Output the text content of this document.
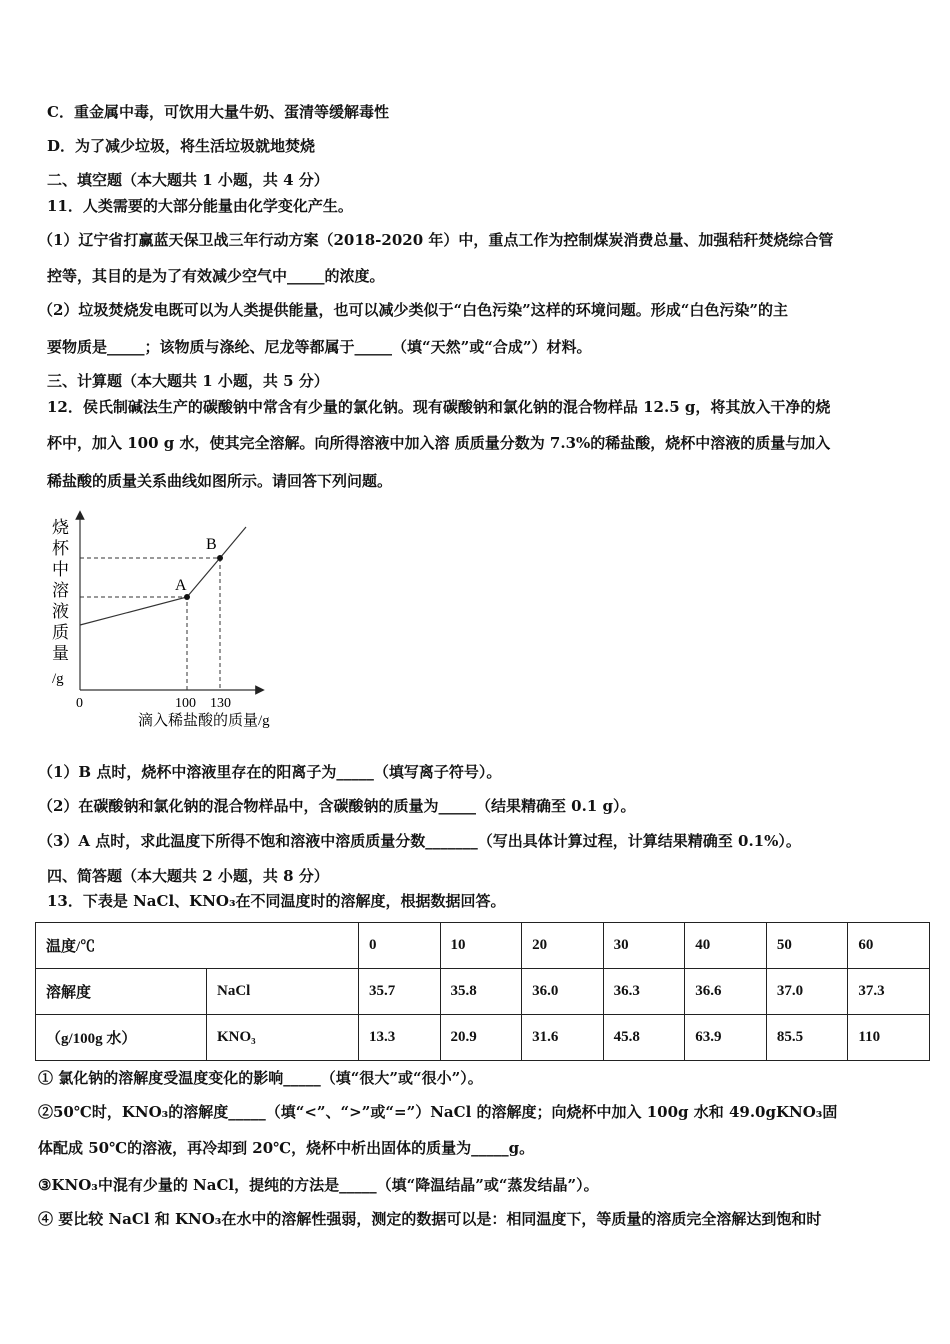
C．重金属中毒，可饮用大量牛奶、蛋清等缓解毒性
D．为了减少垃圾，将生活垃圾就地焚烧
二、填空题（本大题共 1 小题，共 4 分）
11．人类需要的大部分能量由化学变化产生。
（1）辽宁省打赢蓝天保卫战三年行动方案（2018-2020 年）中，重点工作为控制煤炭消费总量、加强秸秆焚烧综合管
控等，其目的是为了有效减少空气中_____的浓度。
（2）垃圾焚烧发电既可以为人类提供能量，也可以减少类似于“白色污染”这样的环境问题。形成“白色污染”的主
要物质是_____；该物质与涤纶、尼龙等都属于_____（填“天然”或“合成”）材料。
三、计算题（本大题共 1 小题，共 5 分）
12．侯氏制碱法生产的碳酸钠中常含有少量的氯化钠。现有碳酸钠和氯化钠的混合物样品 12.5 g，将其放入干净的烧
杯中，加入 100 g 水，使其完全溶解。向所得溶液中加入溶 质质量分数为 7.3%的稀盐酸，烧杯中溶液的质量与加入
稀盐酸的质量关系曲线如图所示。请回答下列问题。
A
B
烧
杯
中
溶
液
质
量
/g
0	100 130
滴入稀盐酸的质量/g
（1）B 点时，烧杯中溶液里存在的阳离子为_____（填写离子符号）。
（2）在碳酸钠和氯化钠的混合物样品中，含碳酸钠的质量为_____（结果精确至 0.1 g）。
（3）A 点时，求此温度下所得不饱和溶液中溶质质量分数_______（写出具体计算过程，计算结果精确至 0.1%）。
四、简答题（本大题共 2 小题，共 8 分）
13．下表是 NaCl、KNO₃在不同温度时的溶解度，根据数据回答。
温度/℃		0	10	20	30	40	50	60
溶解度	NaCl	35.7	35.8	36.0	36.3	36.6	37.0	37.3
（g/100g 水）	KNO₃	13.3	20.9	31.6	45.8	63.9	85.5	110
① 氯化钠的溶解度受温度变化的影响_____（填“很大”或“很小”）。
②50℃时，KNO₃的溶解度_____（填“<”、“>”或“=”）NaCl 的溶解度；向烧杯中加入 100g 水和 49.0gKNO₃固
体配成 50℃的溶液，再冷却到 20℃，烧杯中析出固体的质量为_____g。
③KNO₃中混有少量的 NaCl，提纯的方法是_____（填“降温结晶”或“蒸发结晶”）。
④ 要比较 NaCl 和 KNO₃在水中的溶解性强弱，测定的数据可以是：相同温度下，等质量的溶质完全溶解达到饱和时
